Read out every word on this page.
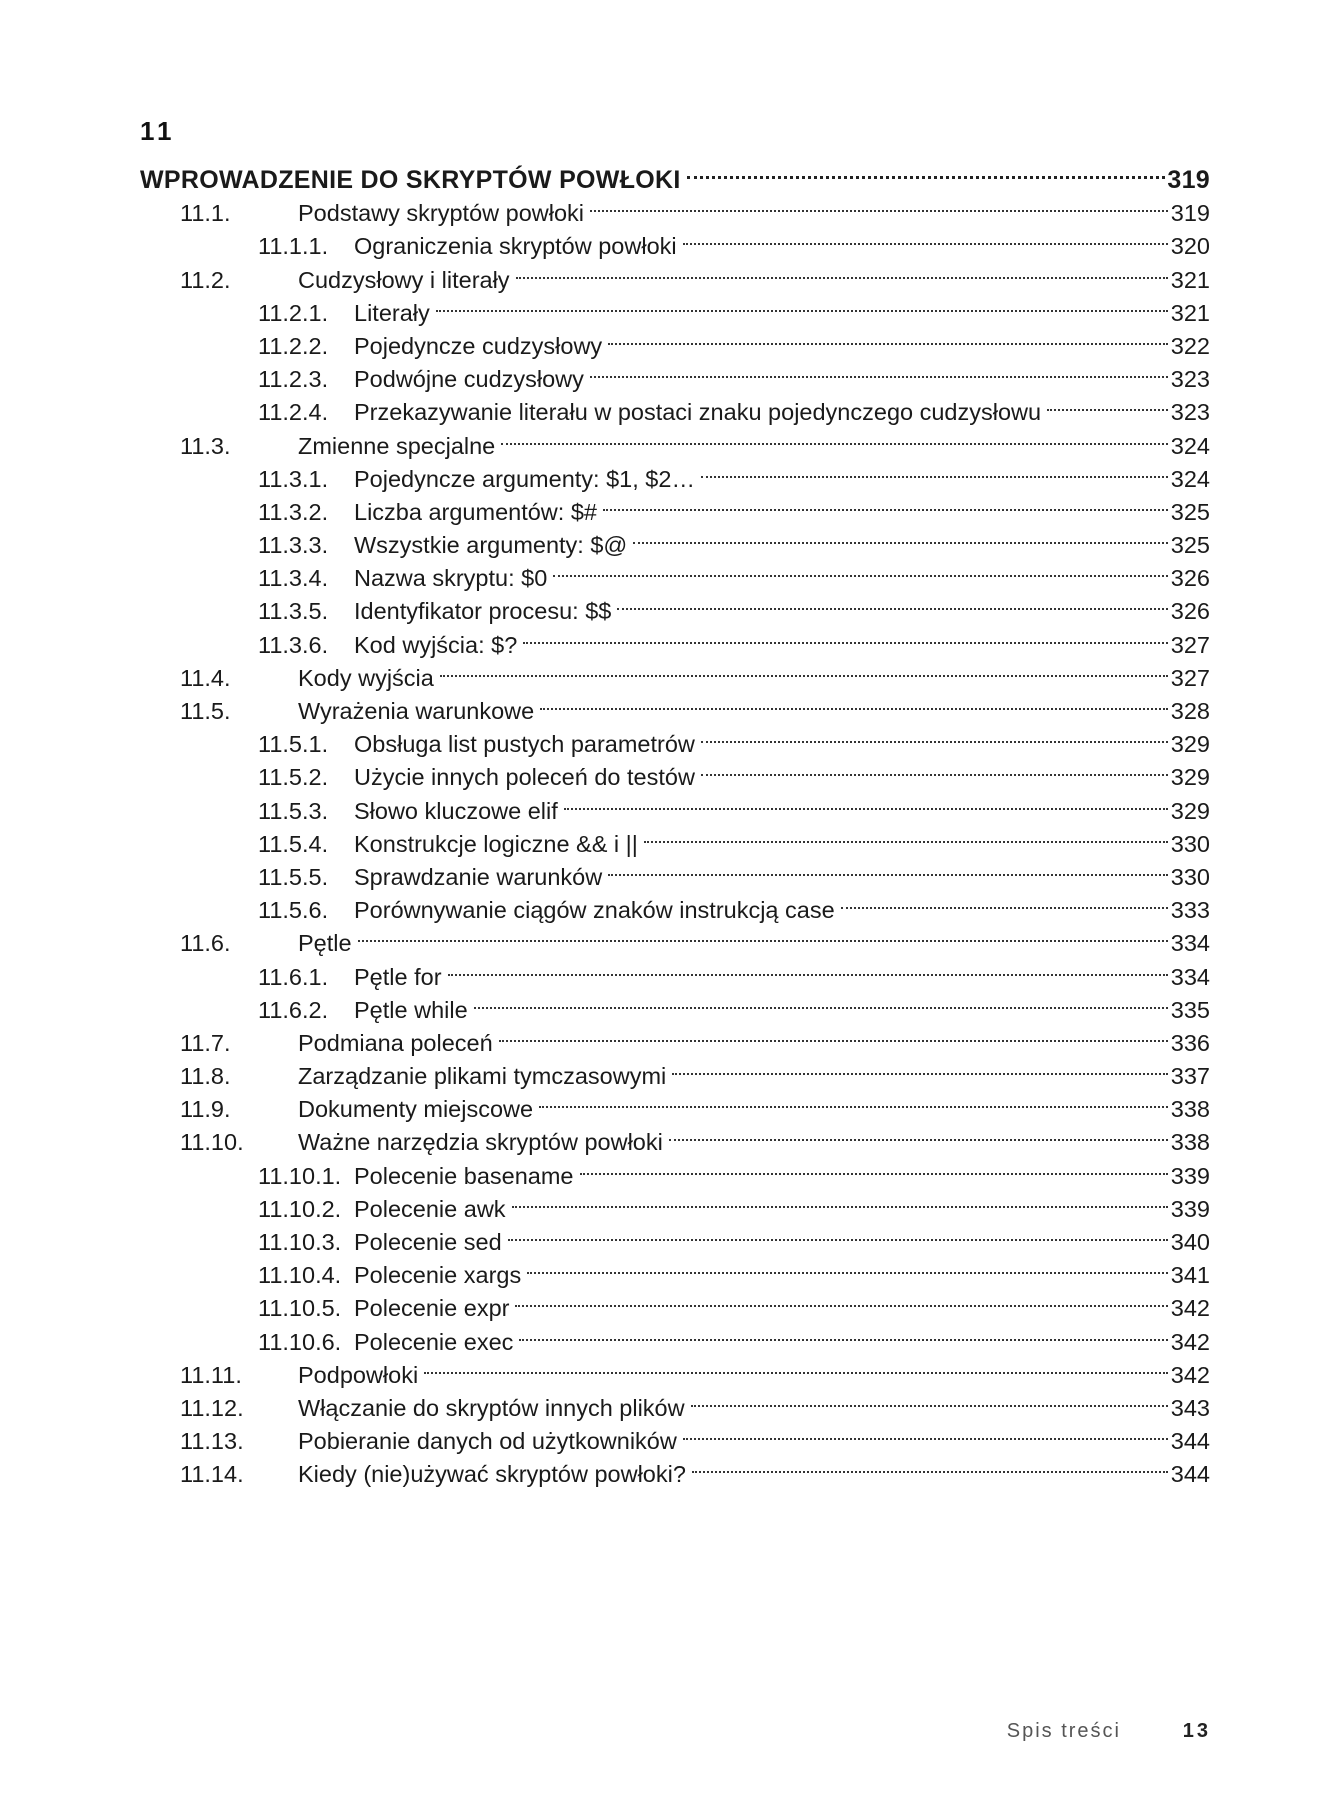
11
WPROWADZENIE DO SKRYPTÓW POWŁOKI	319
11.1.	Podstawy skryptów powłoki	319
11.1.1.	Ograniczenia skryptów powłoki	320
11.2.	Cudzysłowy i literały	321
11.2.1.	Literały	321
11.2.2.	Pojedyncze cudzysłowy	322
11.2.3.	Podwójne cudzysłowy	323
11.2.4.	Przekazywanie literału w postaci znaku pojedynczego cudzysłowu	323
11.3.	Zmienne specjalne	324
11.3.1.	Pojedyncze argumenty: $1, $2…	324
11.3.2.	Liczba argumentów: $#	325
11.3.3.	Wszystkie argumenty: $@	325
11.3.4.	Nazwa skryptu: $0	326
11.3.5.	Identyfikator procesu: $$	326
11.3.6.	Kod wyjścia: $?	327
11.4.	Kody wyjścia	327
11.5.	Wyrażenia warunkowe	328
11.5.1.	Obsługa list pustych parametrów	329
11.5.2.	Użycie innych poleceń do testów	329
11.5.3.	Słowo kluczowe elif	329
11.5.4.	Konstrukcje logiczne && i ||	330
11.5.5.	Sprawdzanie warunków	330
11.5.6.	Porównywanie ciągów znaków instrukcją case	333
11.6.	Pętle	334
11.6.1.	Pętle for	334
11.6.2.	Pętle while	335
11.7.	Podmiana poleceń	336
11.8.	Zarządzanie plikami tymczasowymi	337
11.9.	Dokumenty miejscowe	338
11.10.	Ważne narzędzia skryptów powłoki	338
11.10.1. Polecenie basename	339
11.10.2. Polecenie awk	339
11.10.3. Polecenie sed	340
11.10.4. Polecenie xargs	341
11.10.5. Polecenie expr	342
11.10.6. Polecenie exec	342
11.11.	Podpowłoki	342
11.12.	Włączanie do skryptów innych plików	343
11.13.	Pobieranie danych od użytkowników	344
11.14.	Kiedy (nie)używać skryptów powłoki?	344
Spis treści	13
